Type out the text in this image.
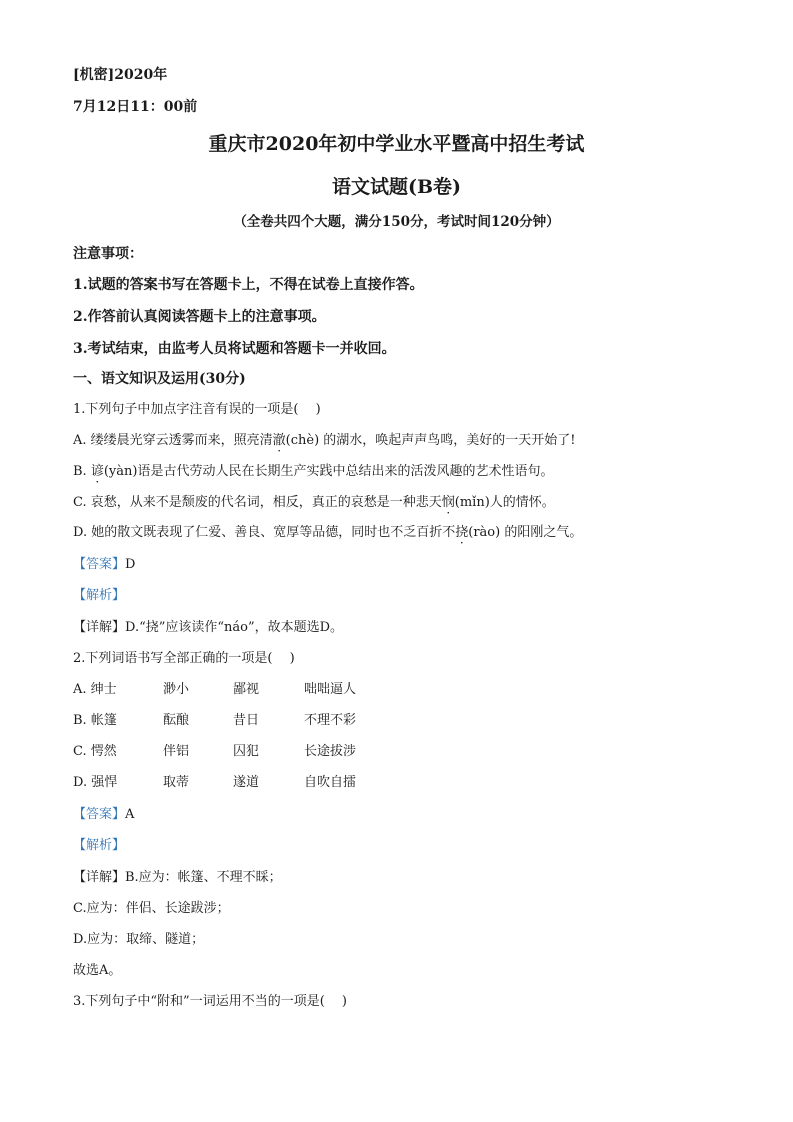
[机密]2020年
7月12日11：00前
重庆市2020年初中学业水平暨高中招生考试
语文试题(B卷)
（全卷共四个大题，满分150分，考试时间120分钟）
注意事项：
1.试题的答案书写在答题卡上，不得在试卷上直接作答。
2.作答前认真阅读答题卡上的注意事项。
3.考试结束，由监考人员将试题和答题卡一并收回。
一、语文知识及运用(30分)
1.下列句子中加点字注音有误的一项是(　 )
A. 缕缕晨光穿云透雾而来，照亮清澈(chè) 的湖水，唤起声声鸟鸣，美好的一天开始了!
B. 谚(yàn)语是古代劳动人民在长期生产实践中总结出来的活泼风趣的艺术性语句。
C. 哀愁，从来不是颓废的代名词，相反，真正的哀愁是一种悲天悯(mǐn)人的情怀。
D. 她的散文既表现了仁爱、善良、宽厚等品德，同时也不乏百折不挠(rào) 的阳刚之气。
【答案】D
【解析】
【详解】D.“挠”应该读作“náo”，故本题选D。
2.下列词语书写全部正确的一项是(　 )
A. 绅士	渺小	鄙视	咄咄逼人
B. 帐篷	酝酿	昔日	不理不彩
C. 愕然	伴铝	囚犯	长途拔涉
D. 强悍	取蒂	遂道	自吹自擂
【答案】A
【解析】
【详解】B.应为：帐篷、不理不睬；
C.应为：伴侣、长途跋涉；
D.应为：取缔、隧道；
故选A。
3.下列句子中“附和”一词运用不当的一项是(　 )
